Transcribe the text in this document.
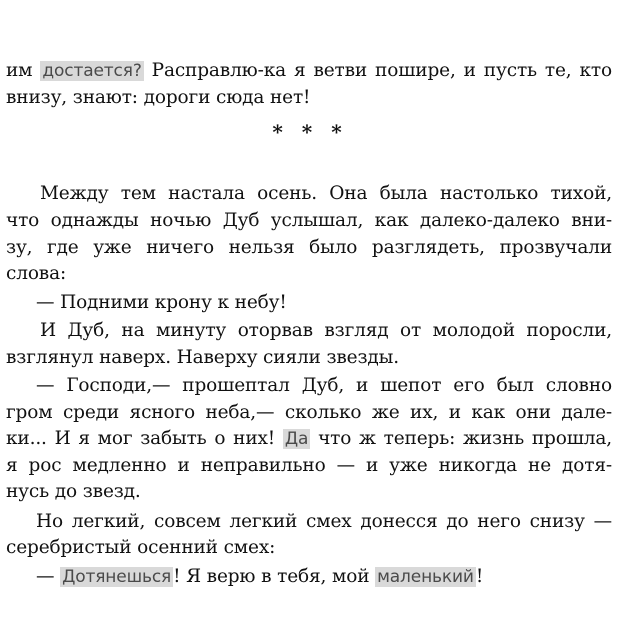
им достается? Расправлю-ка я ветви пошире, и пусть те, кто
внизу, знают: дороги сюда нет!
* * *
Между тем настала осень. Она была настолько тихой,
что однажды ночью Дуб услышал, как далеко-далеко вни-
зу, где уже ничего нельзя было разглядеть, прозвучали
слова:
— Подними крону к небу!
И Дуб, на минуту оторвав взгляд от молодой поросли,
взглянул наверх. Наверху сияли звезды.
— Господи,— прошептал Дуб, и шепот его был словно
гром среди ясного неба,— сколько же их, и как они дале-
ки... И я мог забыть о них! Да что ж теперь: жизнь прошла,
я рос медленно и неправильно — и уже никогда не дотя-
нусь до звезд.
Но легкий, совсем легкий смех донесся до него снизу —
серебристый осенний смех:
— Дотянешься ! Я верю в тебя, мой маленький !
